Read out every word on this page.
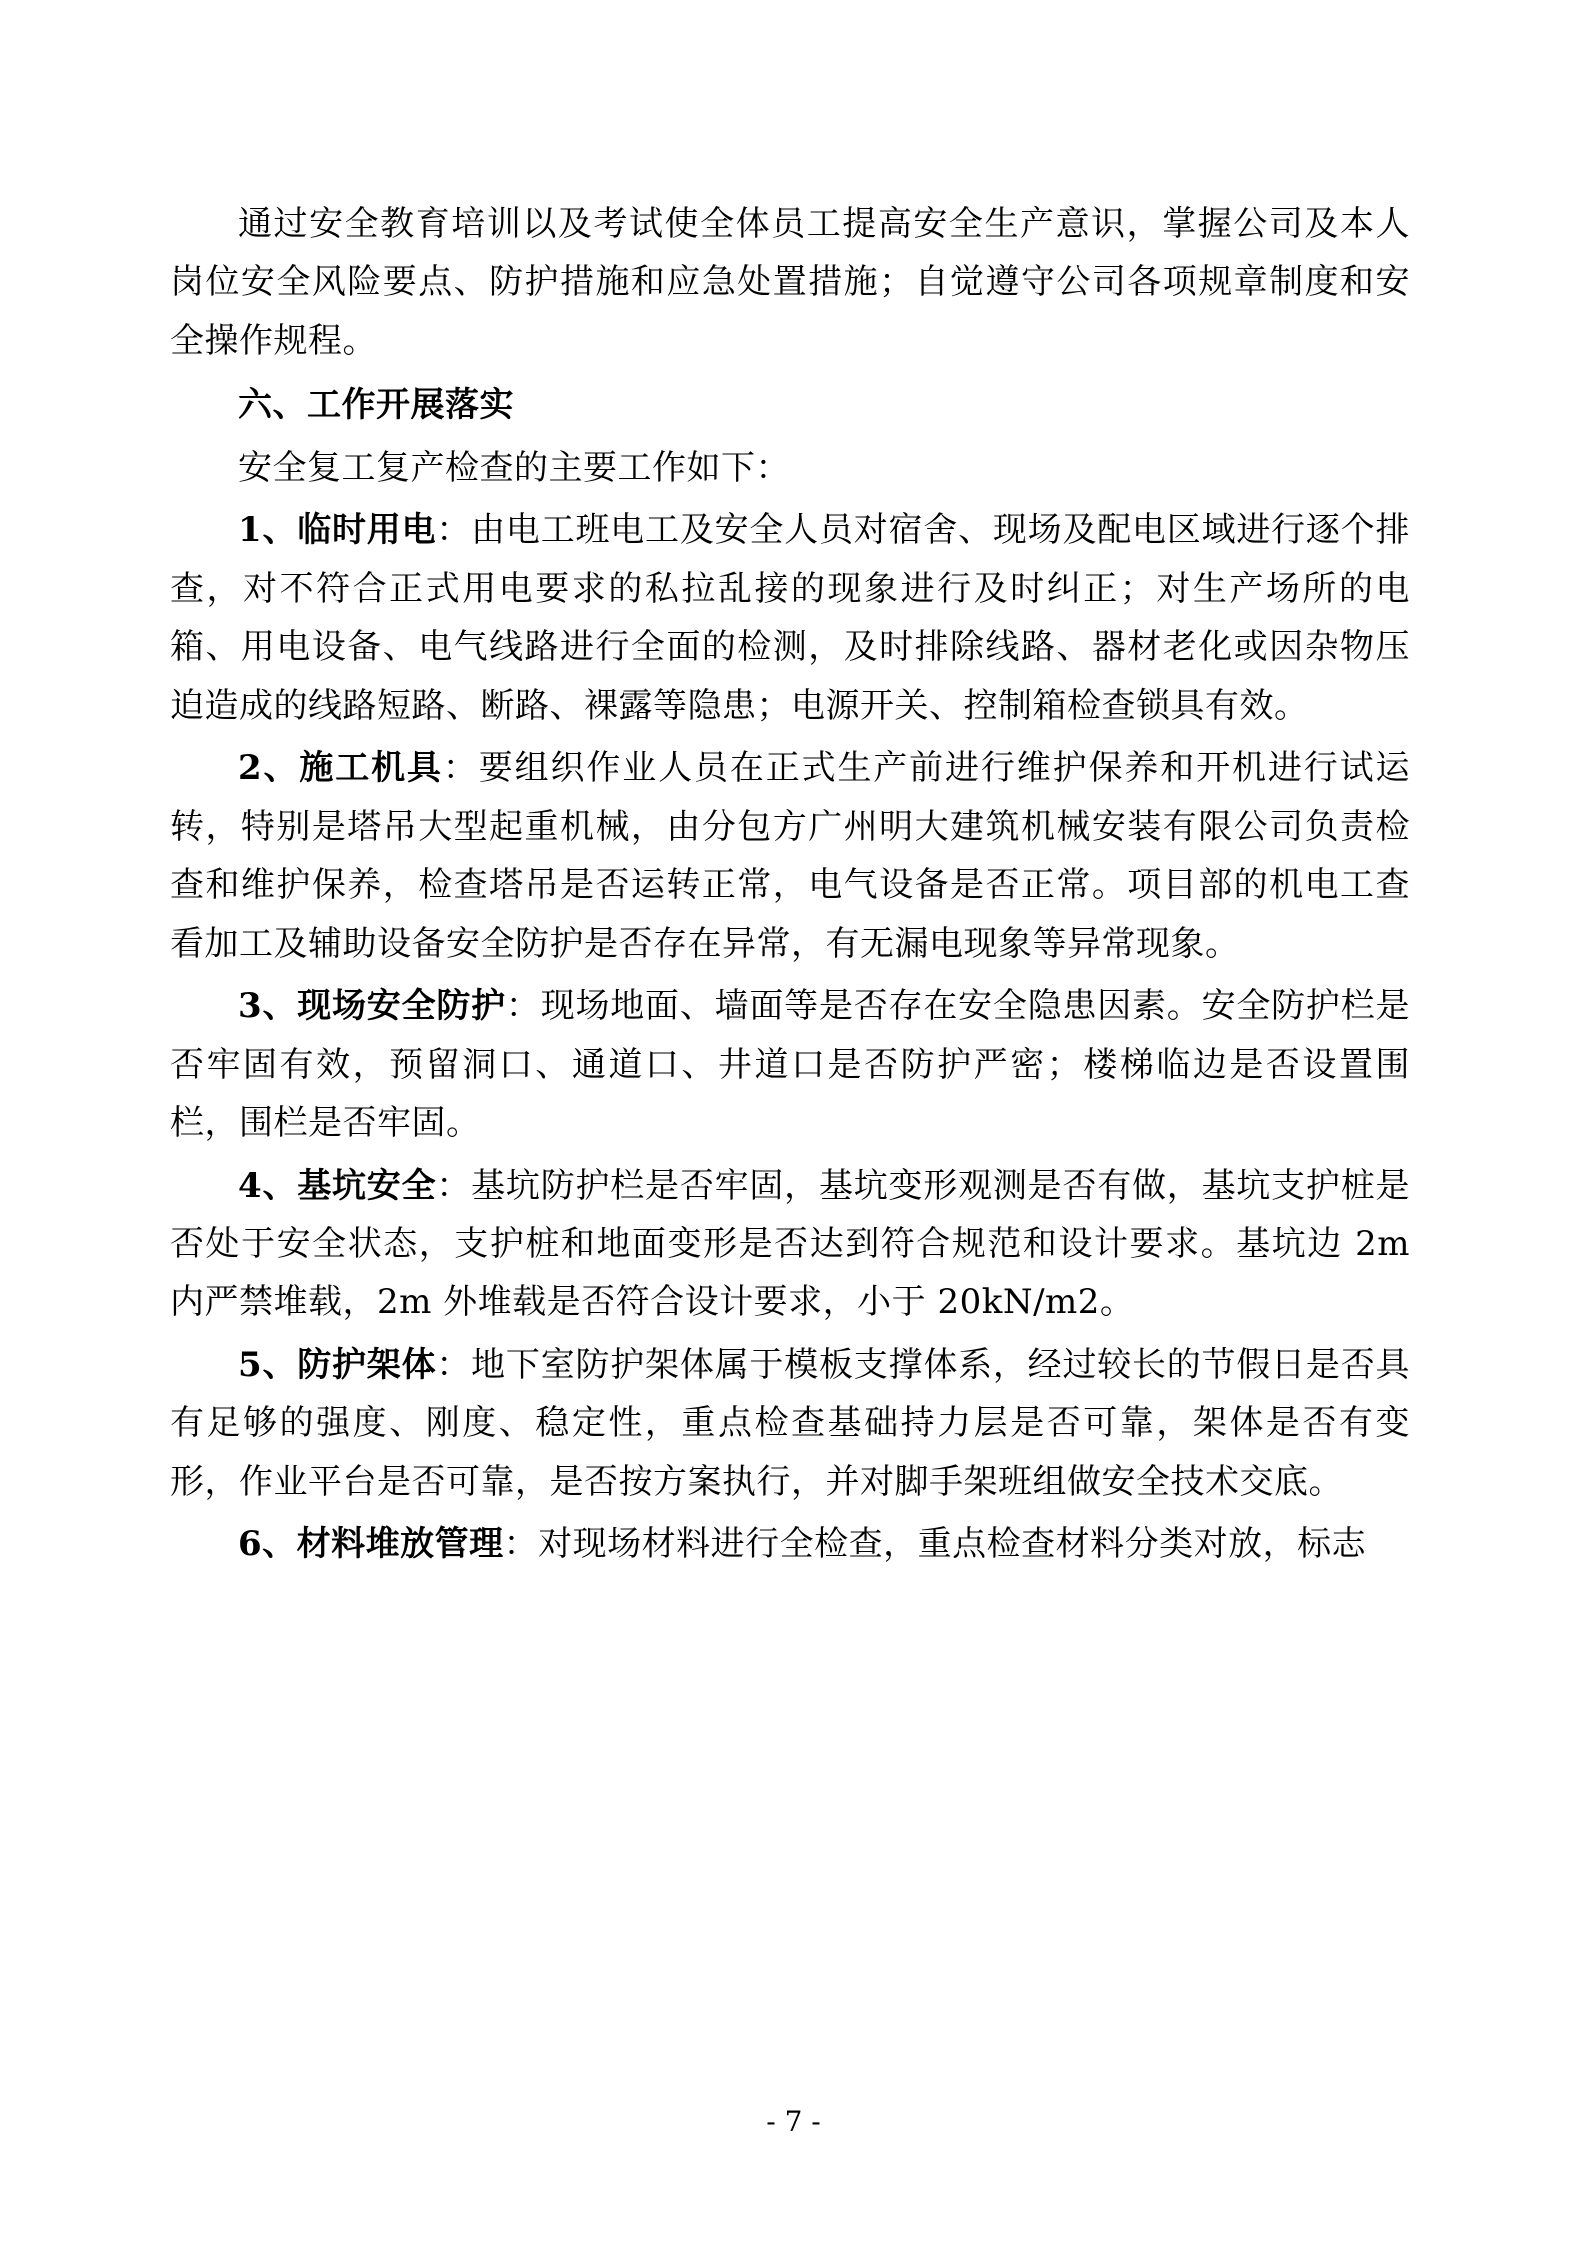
通过安全教育培训以及考试使全体员工提高安全生产意识，掌握公司及本人岗位安全风险要点、防护措施和应急处置措施；自觉遵守公司各项规章制度和安全操作规程。

六、工作开展落实

安全复工复产检查的主要工作如下：

1、临时用电：由电工班电工及安全人员对宿舍、现场及配电区域进行逐个排查，对不符合正式用电要求的私拉乱接的现象进行及时纠正；对生产场所的电箱、用电设备、电气线路进行全面的检测，及时排除线路、器材老化或因杂物压迫造成的线路短路、断路、裸露等隐患；电源开关、控制箱检查锁具有效。

2、施工机具：要组织作业人员在正式生产前进行维护保养和开机进行试运转，特别是塔吊大型起重机械，由分包方广州明大建筑机械安装有限公司负责检查和维护保养，检查塔吊是否运转正常，电气设备是否正常。项目部的机电工查看加工及辅助设备安全防护是否存在异常，有无漏电现象等异常现象。

3、现场安全防护：现场地面、墙面等是否存在安全隐患因素。安全防护栏是否牢固有效，预留洞口、通道口、井道口是否防护严密；楼梯临边是否设置围栏，围栏是否牢固。

4、基坑安全：基坑防护栏是否牢固，基坑变形观测是否有做，基坑支护桩是否处于安全状态，支护桩和地面变形是否达到符合规范和设计要求。基坑边 2m 内严禁堆载，2m 外堆载是否符合设计要求，小于 20kN/m2。

5、防护架体：地下室防护架体属于模板支撑体系，经过较长的节假日是否具有足够的强度、刚度、稳定性，重点检查基础持力层是否可靠，架体是否有变形，作业平台是否可靠，是否按方案执行，并对脚手架班组做安全技术交底。

6、材料堆放管理：对现场材料进行全检查，重点检查材料分类对放，标志

- 7 -
